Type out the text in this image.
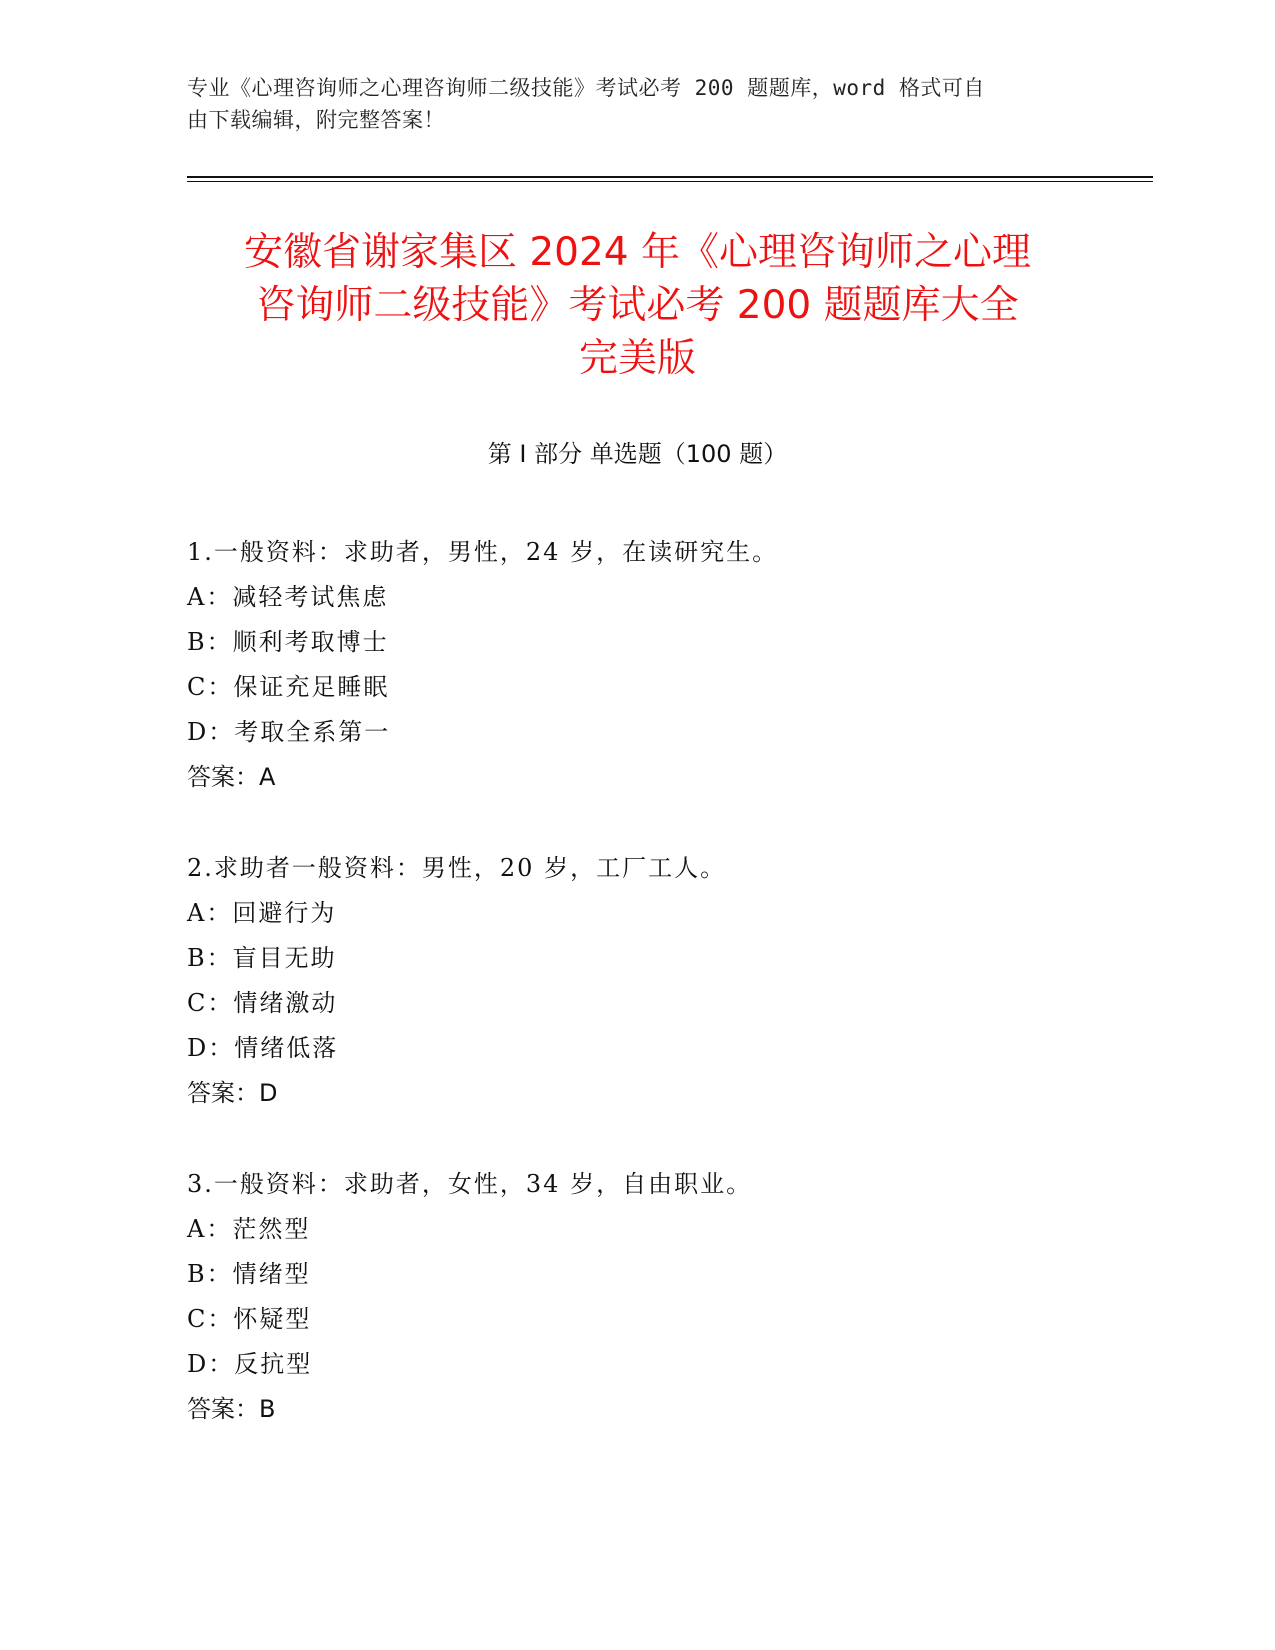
专业《心理咨询师之心理咨询师二级技能》考试必考 200 题题库，word 格式可自
由下载编辑，附完整答案！
安徽省谢家集区 2024 年《心理咨询师之心理
咨询师二级技能》考试必考 200 题题库大全
完美版
第 I 部分 单选题（100 题）
1.一般资料：求助者，男性，24 岁，在读研究生。
A：减轻考试焦虑
B：顺利考取博士
C：保证充足睡眠
D：考取全系第一
答案：A
2.求助者一般资料：男性，20 岁，工厂工人。
A：回避行为
B：盲目无助
C：情绪激动
D：情绪低落
答案：D
3.一般资料：求助者，女性，34 岁，自由职业。
A：茫然型
B：情绪型
C：怀疑型
D：反抗型
答案：B
